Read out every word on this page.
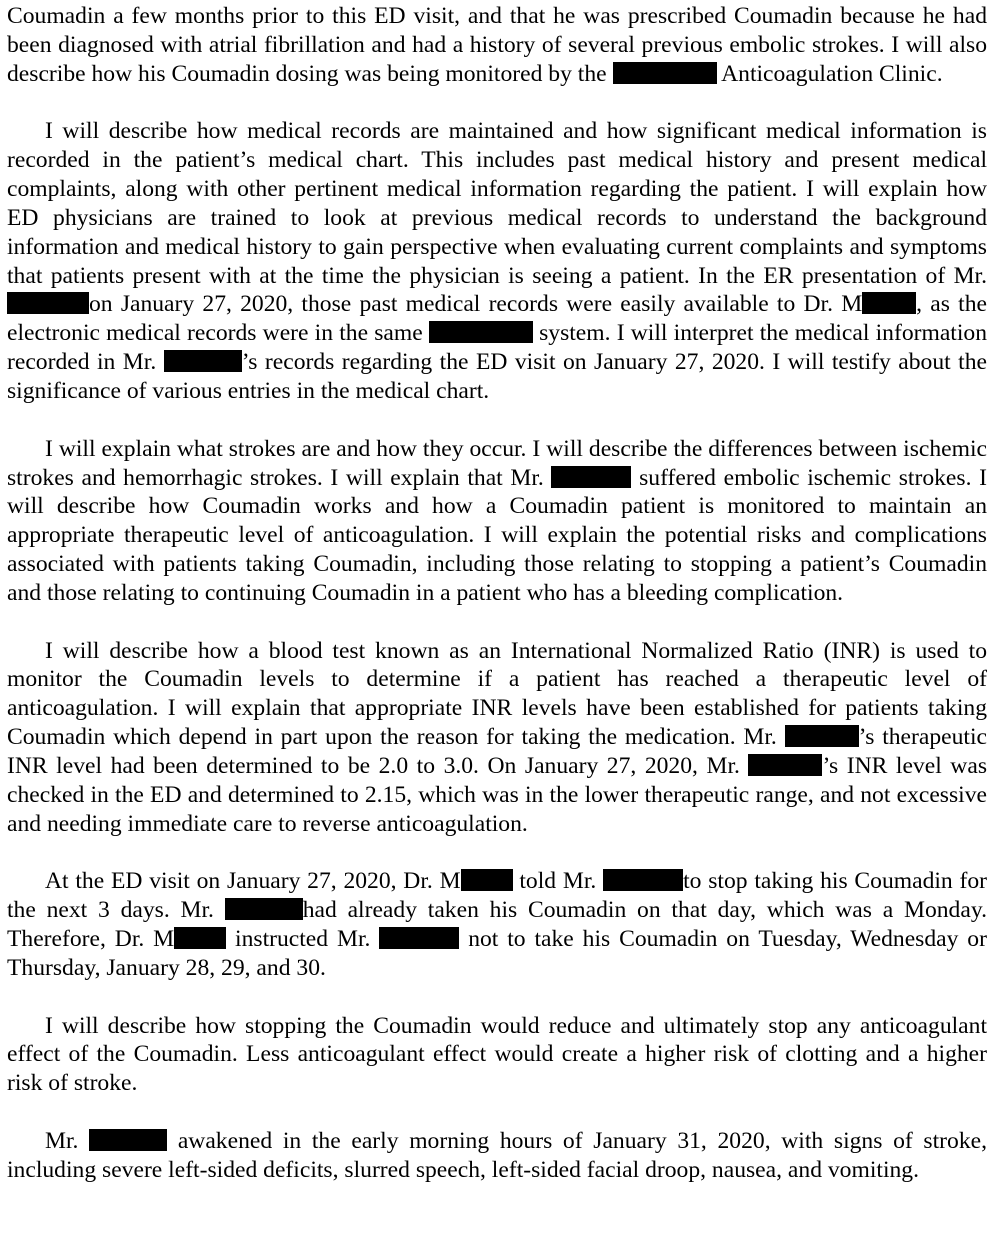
Coumadin a few months prior to this ED visit, and that he was prescribed Coumadin because he had been diagnosed with atrial fibrillation and had a history of several previous embolic strokes. I will also describe how his Coumadin dosing was being monitored by the	Anticoagulation Clinic.

I will describe how medical records are maintained and how significant medical information is recorded in the patient’s medical chart. This includes past medical history and present medical complaints, along with other pertinent medical information regarding the patient. I will explain how ED physicians are trained to look at previous medical records to understand the background information and medical history to gain perspective when evaluating current complaints and symptoms that patients present with at the time the physician is seeing a patient. In the ER presentation of Mr. on January 27, 2020, those past medical records were easily available to Dr. M , as the electronic medical records were in the same	system. I will interpret the medical information recorded in Mr.	’s records regarding the ED visit on January 27, 2020. I will testify about the significance of various entries in the medical chart.

I will explain what strokes are and how they occur. I will describe the differences between ischemic strokes and hemorrhagic strokes. I will explain that Mr.	suffered embolic ischemic strokes. I will describe how Coumadin works and how a Coumadin patient is monitored to maintain an appropriate therapeutic level of anticoagulation. I will explain the potential risks and complications associated with patients taking Coumadin, including those relating to stopping a patient’s Coumadin and those relating to continuing Coumadin in a patient who has a bleeding complication.

I will describe how a blood test known as an International Normalized Ratio (INR) is used to monitor the Coumadin levels to determine if a patient has reached a therapeutic level of anticoagulation. I will explain that appropriate INR levels have been established for patients taking Coumadin which depend in part upon the reason for taking the medication. Mr.	’s therapeutic INR level had been determined to be 2.0 to 3.0. On January 27, 2020, Mr.	’s INR level was checked in the ED and determined to 2.15, which was in the lower therapeutic range, and not excessive and needing immediate care to reverse anticoagulation.

At the ED visit on January 27, 2020, Dr. M told Mr.	to stop taking his Coumadin for the next 3 days. Mr.	had already taken his Coumadin on that day, which was a Monday. Therefore, Dr. M	instructed Mr.	not to take his Coumadin on Tuesday, Wednesday or Thursday, January 28, 29, and 30.

I will describe how stopping the Coumadin would reduce and ultimately stop any anticoagulant effect of the Coumadin. Less anticoagulant effect would create a higher risk of clotting and a higher risk of stroke.

Mr.	awakened in the early morning hours of January 31, 2020, with signs of stroke, including severe left-sided deficits, slurred speech, left-sided facial droop, nausea, and vomiting.
